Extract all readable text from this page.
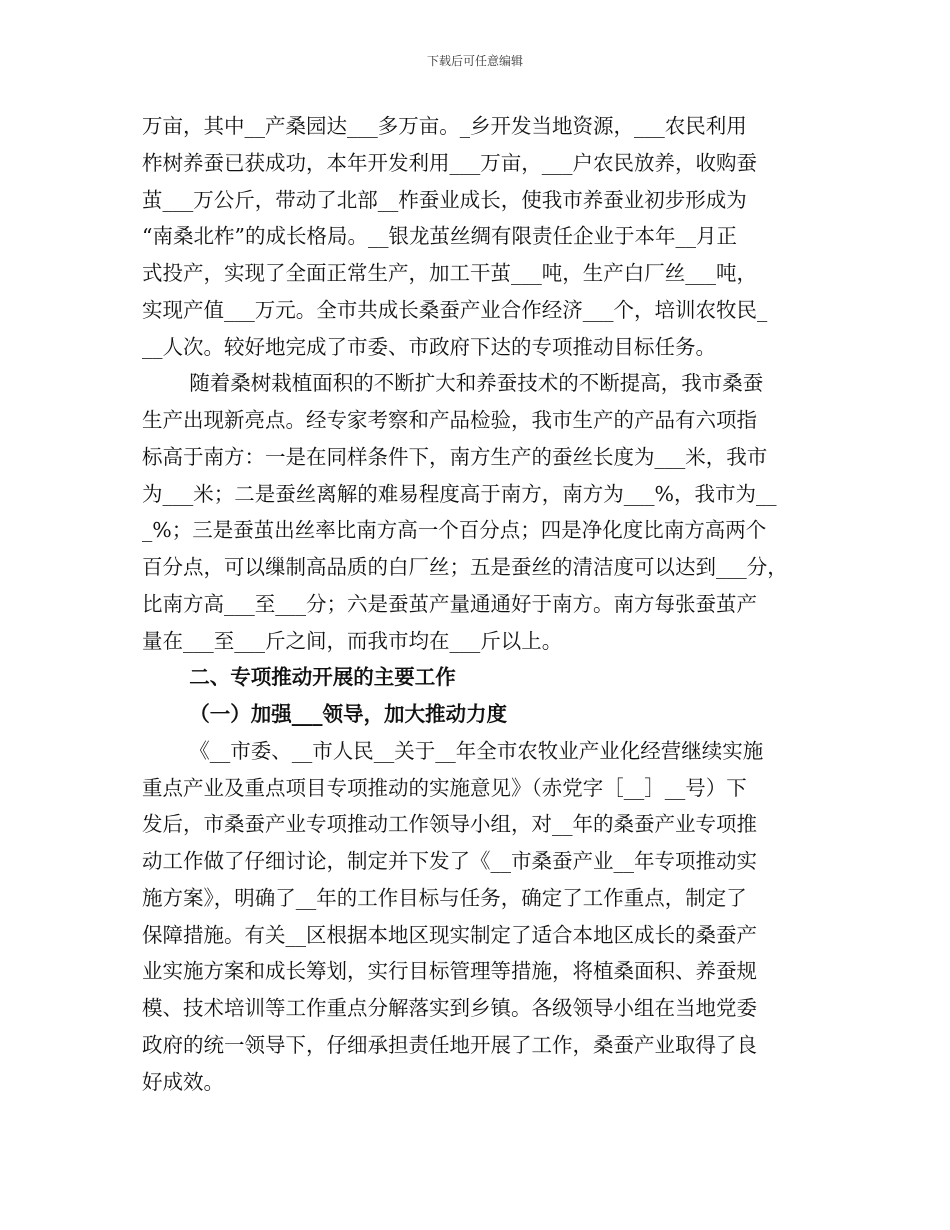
下载后可任意编辑
万亩，其中__产桑园达___多万亩。_乡开发当地资源，___农民利用
柞树养蚕已获成功，本年开发利用___万亩，___户农民放养，收购蚕
茧___万公斤，带动了北部__柞蚕业成长，使我市养蚕业初步形成为
“南桑北柞”的成长格局。__银龙茧丝绸有限责任企业于本年__月正
式投产，实现了全面正常生产，加工干茧___吨，生产白厂丝___吨，
实现产值___万元。全市共成长桑蚕产业合作经济___个，培训农牧民_
__人次。较好地完成了市委、市政府下达的专项推动目标任务。
随着桑树栽植面积的不断扩大和养蚕技术的不断提高，我市桑蚕
生产出现新亮点。经专家考察和产品检验，我市生产的产品有六项指
标高于南方：一是在同样条件下，南方生产的蚕丝长度为___米，我市
为___米；二是蚕丝离解的难易程度高于南方，南方为___%，我市为__
_%；三是蚕茧出丝率比南方高一个百分点；四是净化度比南方高两个
百分点，可以缫制高品质的白厂丝；五是蚕丝的清洁度可以达到___分，
比南方高___至___分；六是蚕茧产量通通好于南方。南方每张蚕茧产
量在___至___斤之间，而我市均在___斤以上。
二、专项推动开展的主要工作
（一）加强___领导，加大推动力度
《__市委、__市人民__关于__年全市农牧业产业化经营继续实施
重点产业及重点项目专项推动的实施意见》（赤党字［__］__号）下
发后，市桑蚕产业专项推动工作领导小组，对__年的桑蚕产业专项推
动工作做了仔细讨论，制定并下发了《__市桑蚕产业__年专项推动实
施方案》，明确了__年的工作目标与任务，确定了工作重点，制定了
保障措施。有关__区根据本地区现实制定了适合本地区成长的桑蚕产
业实施方案和成长筹划，实行目标管理等措施，将植桑面积、养蚕规
模、技术培训等工作重点分解落实到乡镇。各级领导小组在当地党委
政府的统一领导下，仔细承担责任地开展了工作，桑蚕产业取得了良
好成效。
